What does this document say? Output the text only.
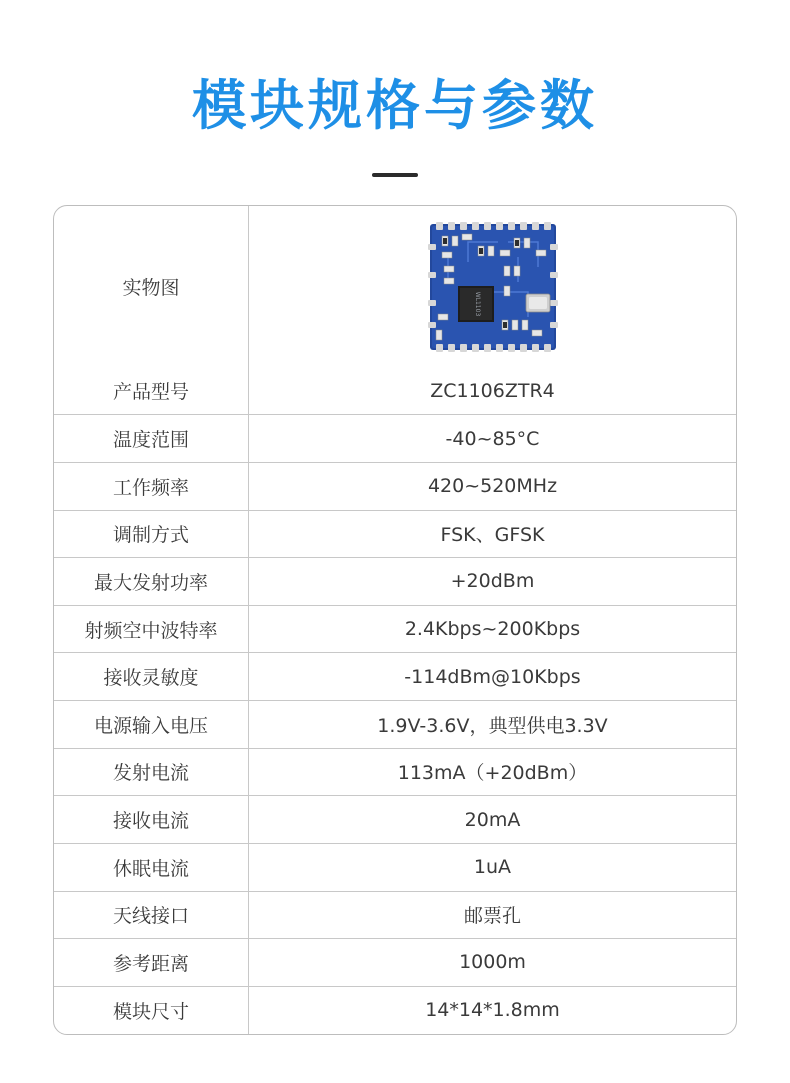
模块规格与参数
实物图	WL1103

产品型号	ZC1106ZTR4
温度范围	-40~85°C
工作频率	420~520MHz
调制方式	FSK、GFSK
最大发射功率	+20dBm
射频空中波特率	2.4Kbps~200Kbps
接收灵敏度	-114dBm@10Kbps
电源输入电压	1.9V-3.6V，典型供电3.3V
发射电流	113mA（+20dBm）
接收电流	20mA
休眠电流	1uA
天线接口	邮票孔
参考距离	1000m
模块尺寸	14*14*1.8mm
